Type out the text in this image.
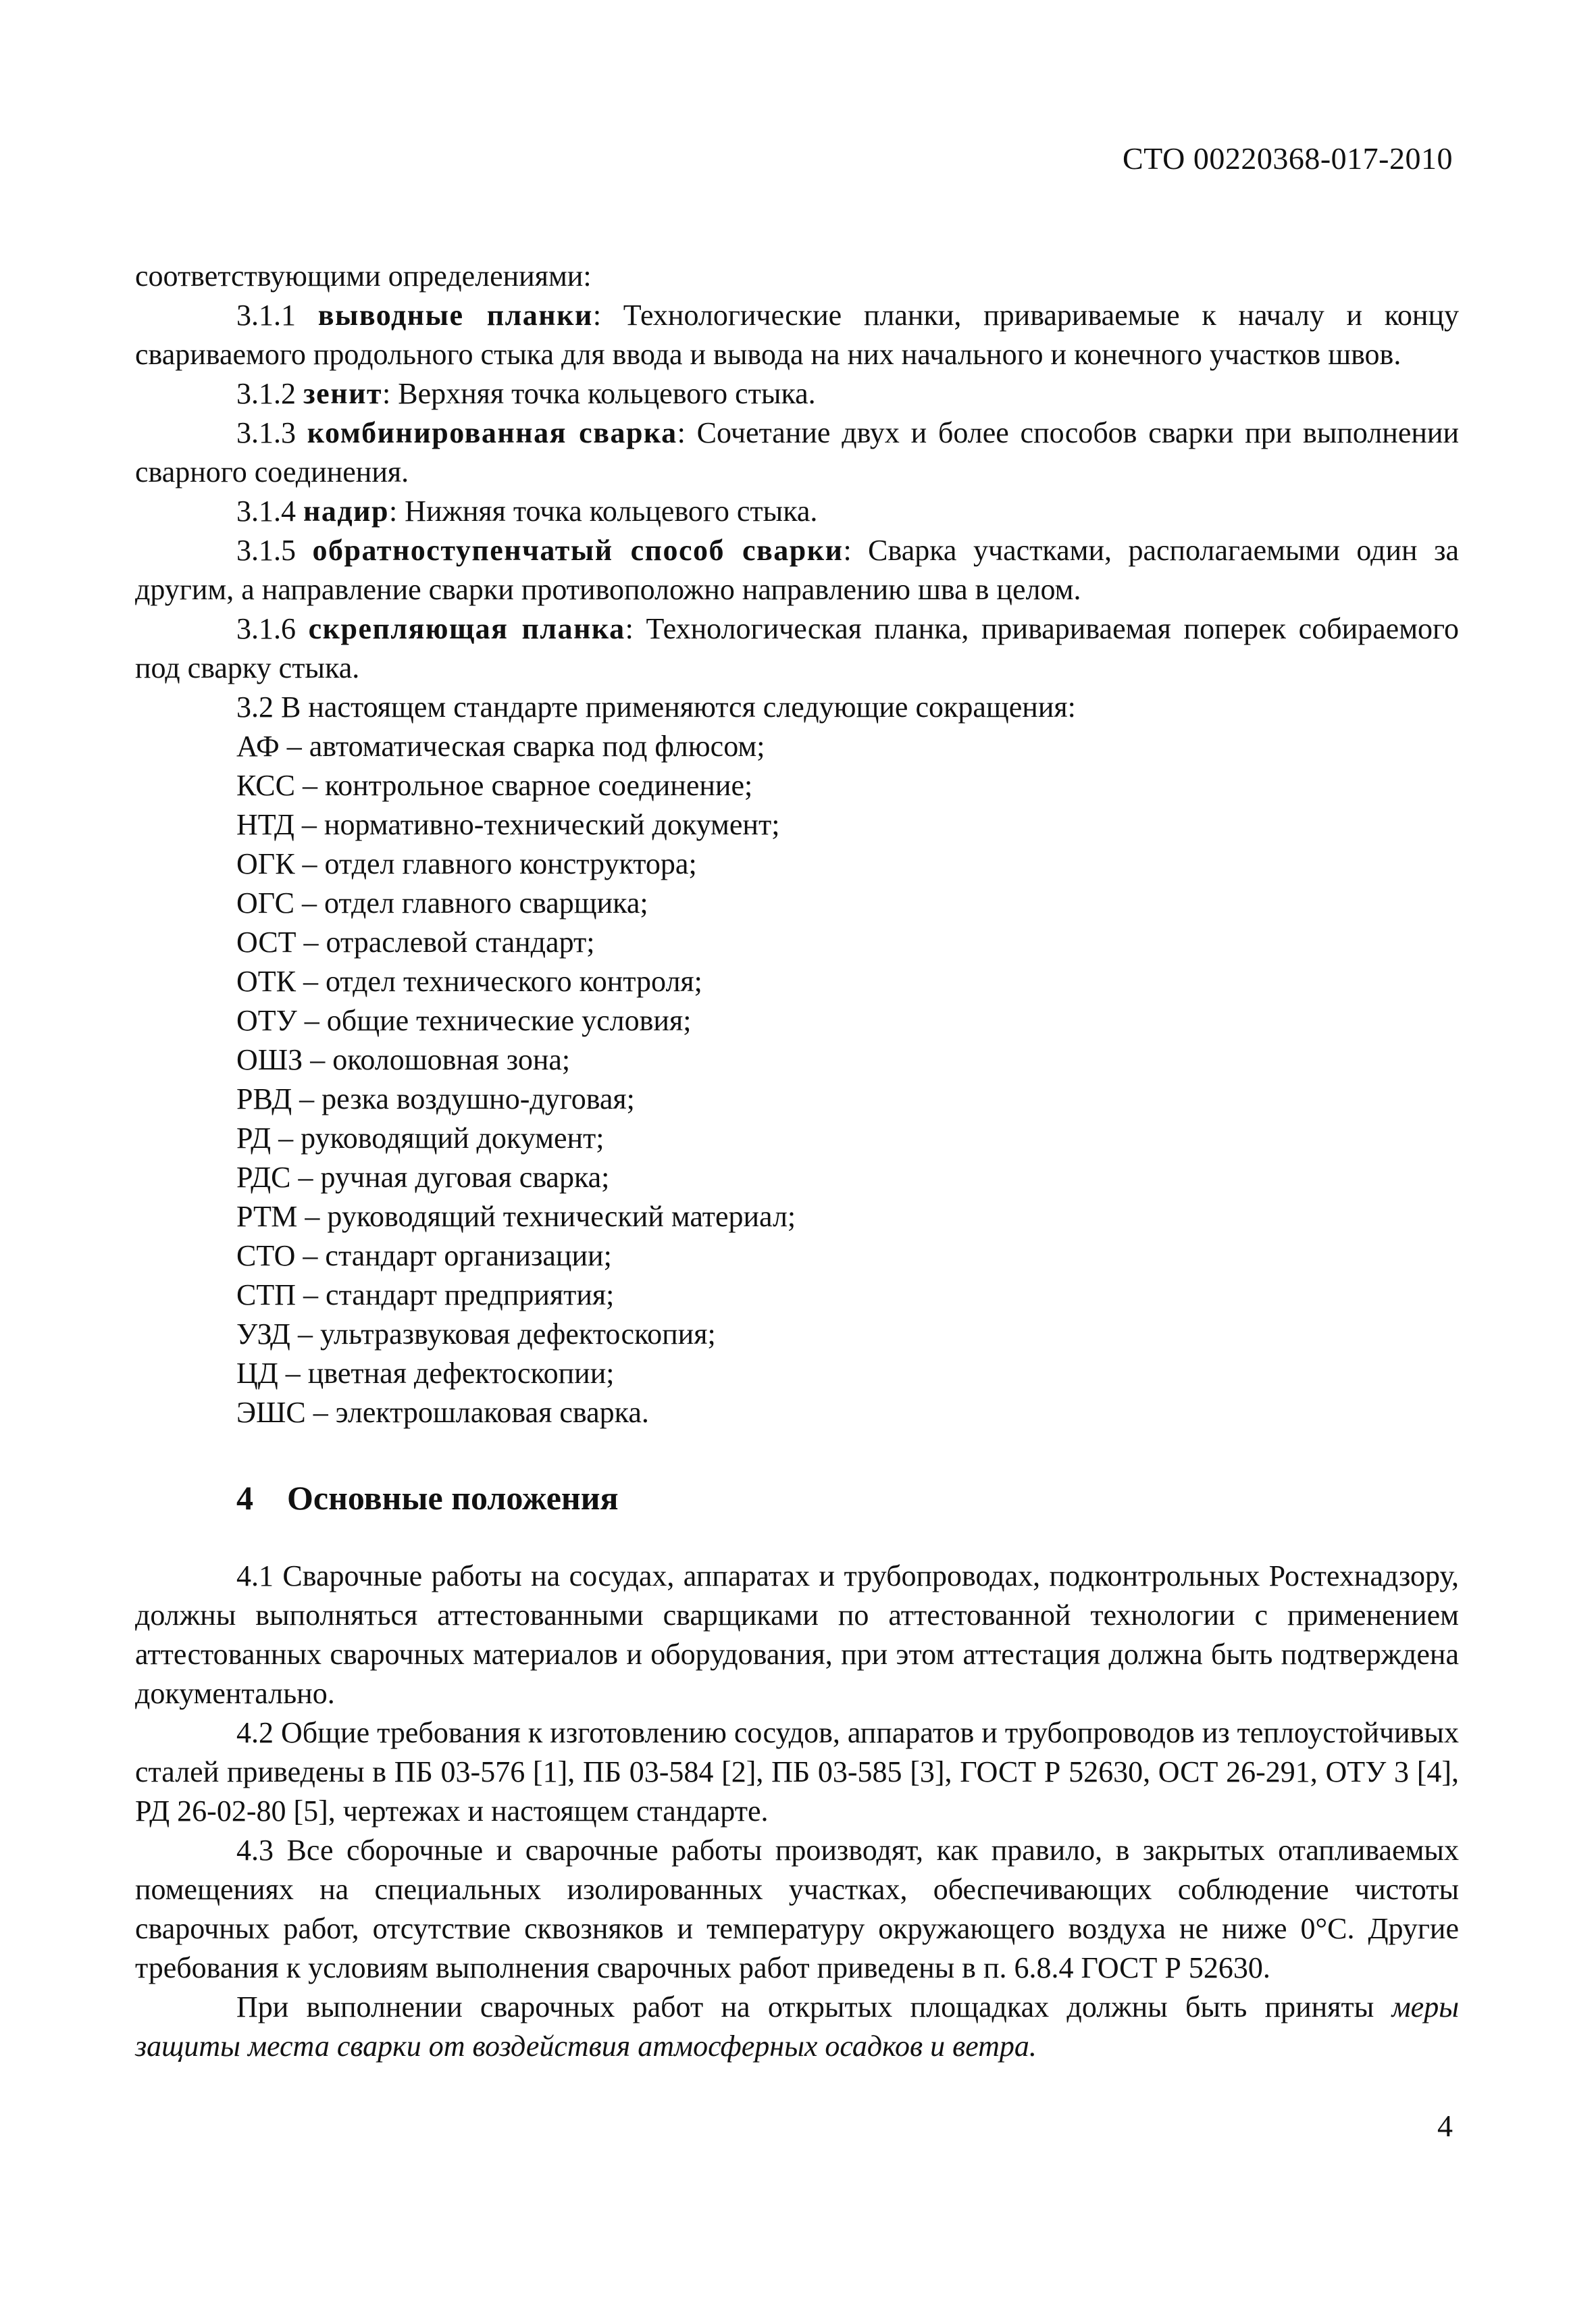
СТО 00220368-017-2010

соответствующими определениями:

3.1.1 выводные планки: Технологические планки, привариваемые к началу и концу свариваемого продольного стыка для ввода и вывода на них начального и конечного участков швов.

3.1.2 зенит: Верхняя точка кольцевого стыка.

3.1.3 комбинированная сварка: Сочетание двух и более способов сварки при выполнении сварного соединения.

3.1.4 надир: Нижняя точка кольцевого стыка.

3.1.5 обратноступенчатый способ сварки: Сварка участками, располагаемыми один за другим, а направление сварки противоположно направлению шва в целом.

3.1.6 скрепляющая планка: Технологическая планка, привариваемая поперек собираемого под сварку стыка.

3.2 В настоящем стандарте применяются следующие сокращения:

АФ – автоматическая сварка под флюсом;

КСС – контрольное сварное соединение;

НТД – нормативно-технический документ;

ОГК – отдел главного конструктора;

ОГС – отдел главного сварщика;

ОСТ – отраслевой стандарт;

ОТК – отдел технического контроля;

ОТУ – общие технические условия;

ОШЗ – околошовная зона;

РВД – резка воздушно-дуговая;

РД – руководящий документ;

РДС – ручная дуговая сварка;

РТМ – руководящий технический материал;

СТО – стандарт организации;

СТП – стандарт предприятия;

УЗД – ультразвуковая дефектоскопия;

ЦД – цветная дефектоскопии;

ЭШС – электрошлаковая сварка.

4 Основные положения

4.1 Сварочные работы на сосудах, аппаратах и трубопроводах, подконтрольных Ростехнадзору, должны выполняться аттестованными сварщиками по аттестованной технологии с применением аттестованных сварочных материалов и оборудования, при этом аттестация должна быть подтверждена документально.

4.2 Общие требования к изготовлению сосудов, аппаратов и трубопроводов из теплоустойчивых сталей приведены в ПБ 03-576 [1], ПБ 03-584 [2], ПБ 03-585 [3], ГОСТ Р 52630, ОСТ 26-291, ОТУ 3 [4], РД 26-02-80 [5], чертежах и настоящем стандарте.

4.3 Все сборочные и сварочные работы производят, как правило, в закрытых отапливаемых помещениях на специальных изолированных участках, обеспечивающих соблюдение чистоты сварочных работ, отсутствие сквозняков и температуру окружающего воздуха не ниже 0°С. Другие требования к условиям выполнения сварочных работ приведены в п. 6.8.4 ГОСТ Р 52630.

При выполнении сварочных работ на открытых площадках должны быть приняты меры защиты места сварки от воздействия атмосферных осадков и ветра.

4
